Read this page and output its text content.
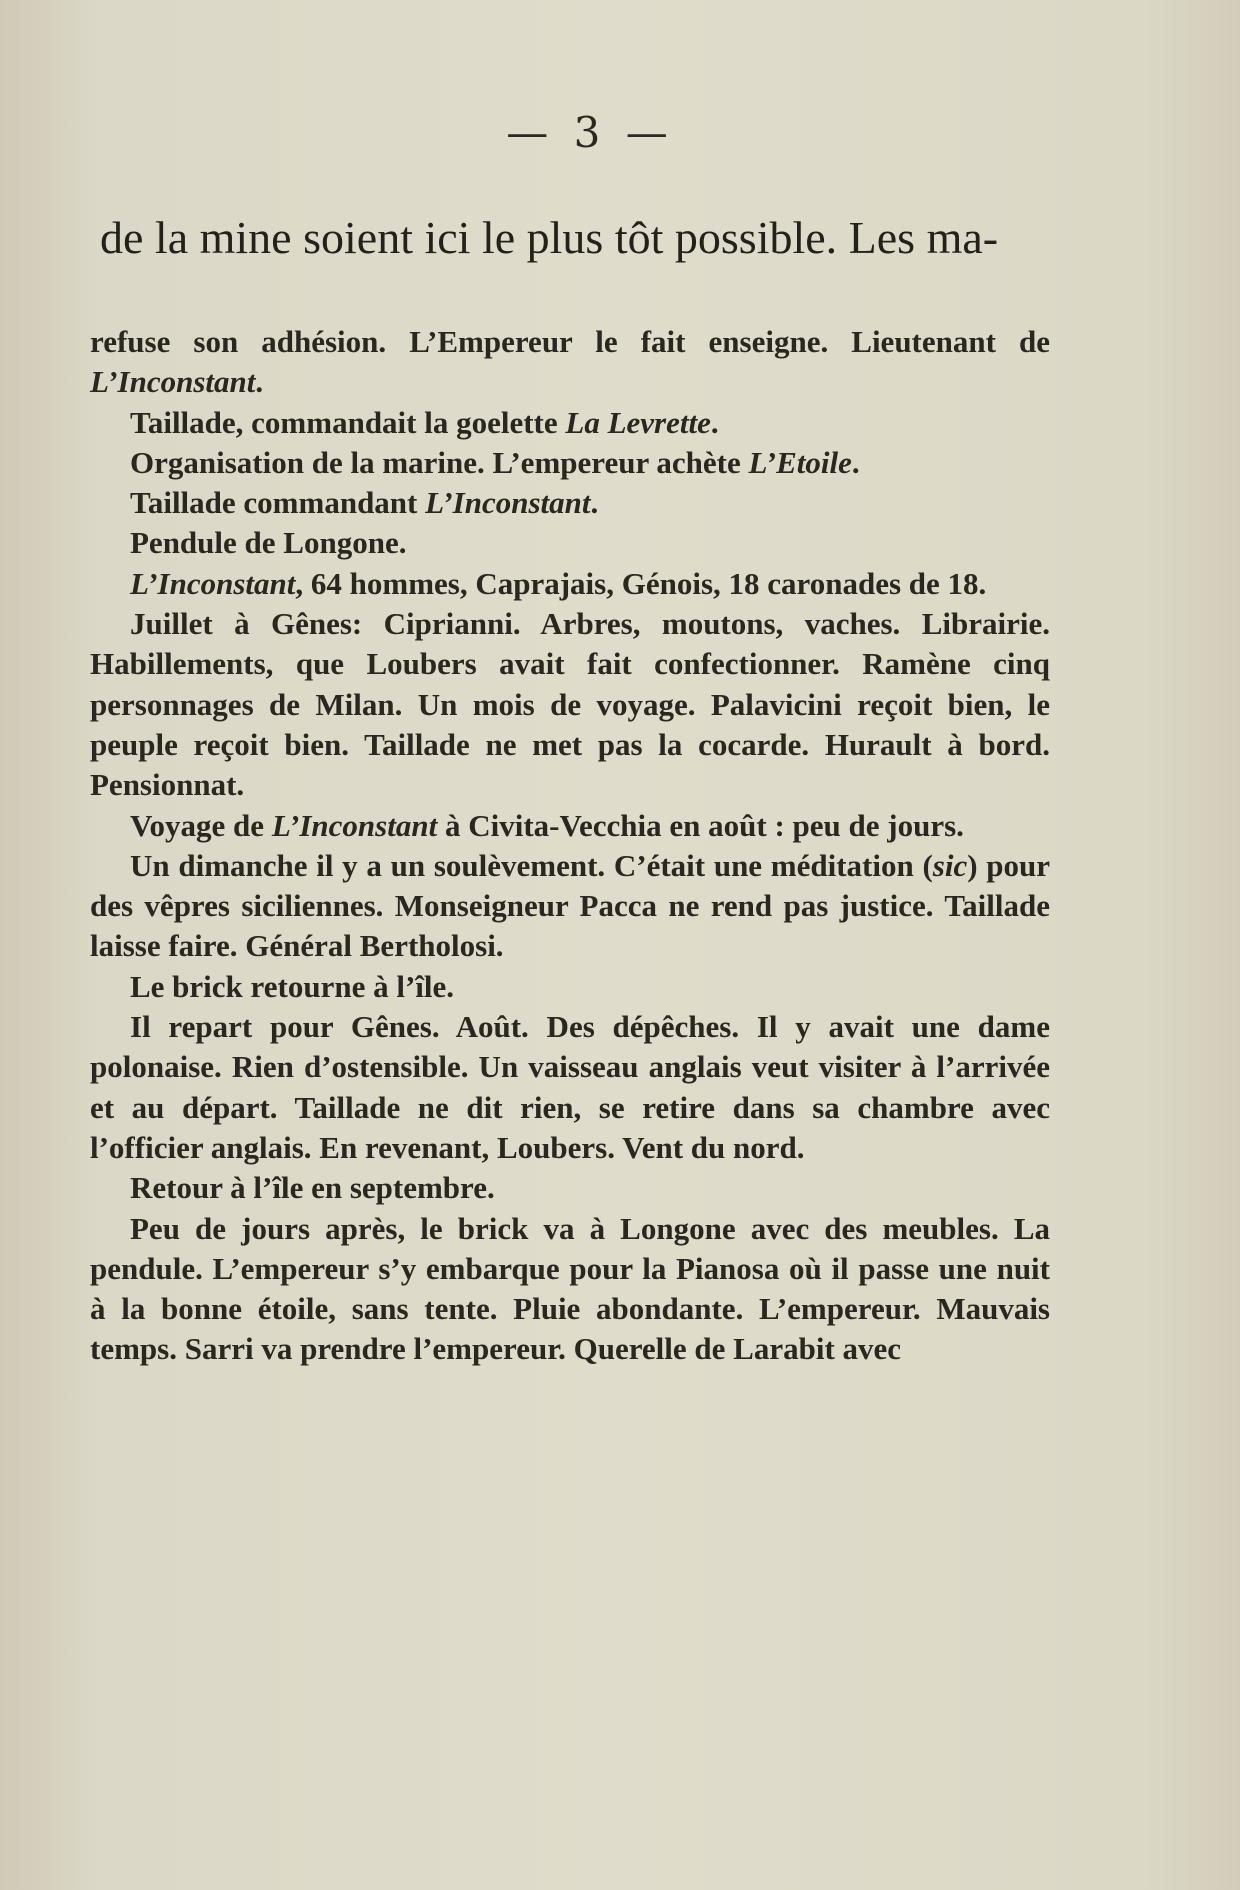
— 3 —
de la mine soient ici le plus tôt possible. Les ma-

refuse son adhésion. L’Empereur le fait enseigne. Lieutenant de L’Inconstant.

Taillade, commandait la goelette La Levrette.

Organisation de la marine. L’empereur achète L’Etoile.

Taillade commandant L’Inconstant.

Pendule de Longone.

L’Inconstant, 64 hommes, Caprajais, Génois, 18 caronades de 18.

Juillet à Gênes: Ciprianni. Arbres, moutons, vaches. Librairie. Habillements, que Loubers avait fait confectionner. Ramène cinq personnages de Milan. Un mois de voyage. Palavicini reçoit bien, le peuple reçoit bien. Taillade ne met pas la cocarde. Hurault à bord. Pensionnat.

Voyage de L’Inconstant à Civita-Vecchia en août : peu de jours.

Un dimanche il y a un soulèvement. C’était une méditation (sic) pour des vêpres siciliennes. Monseigneur Pacca ne rend pas justice. Taillade laisse faire. Général Bertholosi.

Le brick retourne à l’île.

Il repart pour Gênes. Août. Des dépêches. Il y avait une dame polonaise. Rien d’ostensible. Un vaisseau anglais veut visiter à l’arrivée et au départ. Taillade ne dit rien, se retire dans sa chambre avec l’officier anglais. En revenant, Loubers. Vent du nord.

Retour à l’île en septembre.

Peu de jours après, le brick va à Longone avec des meubles. La pendule. L’empereur s’y embarque pour la Pianosa où il passe une nuit à la bonne étoile, sans tente. Pluie abondante. L’empereur. Mauvais temps. Sarri va prendre l’empereur. Querelle de Larabit avec
